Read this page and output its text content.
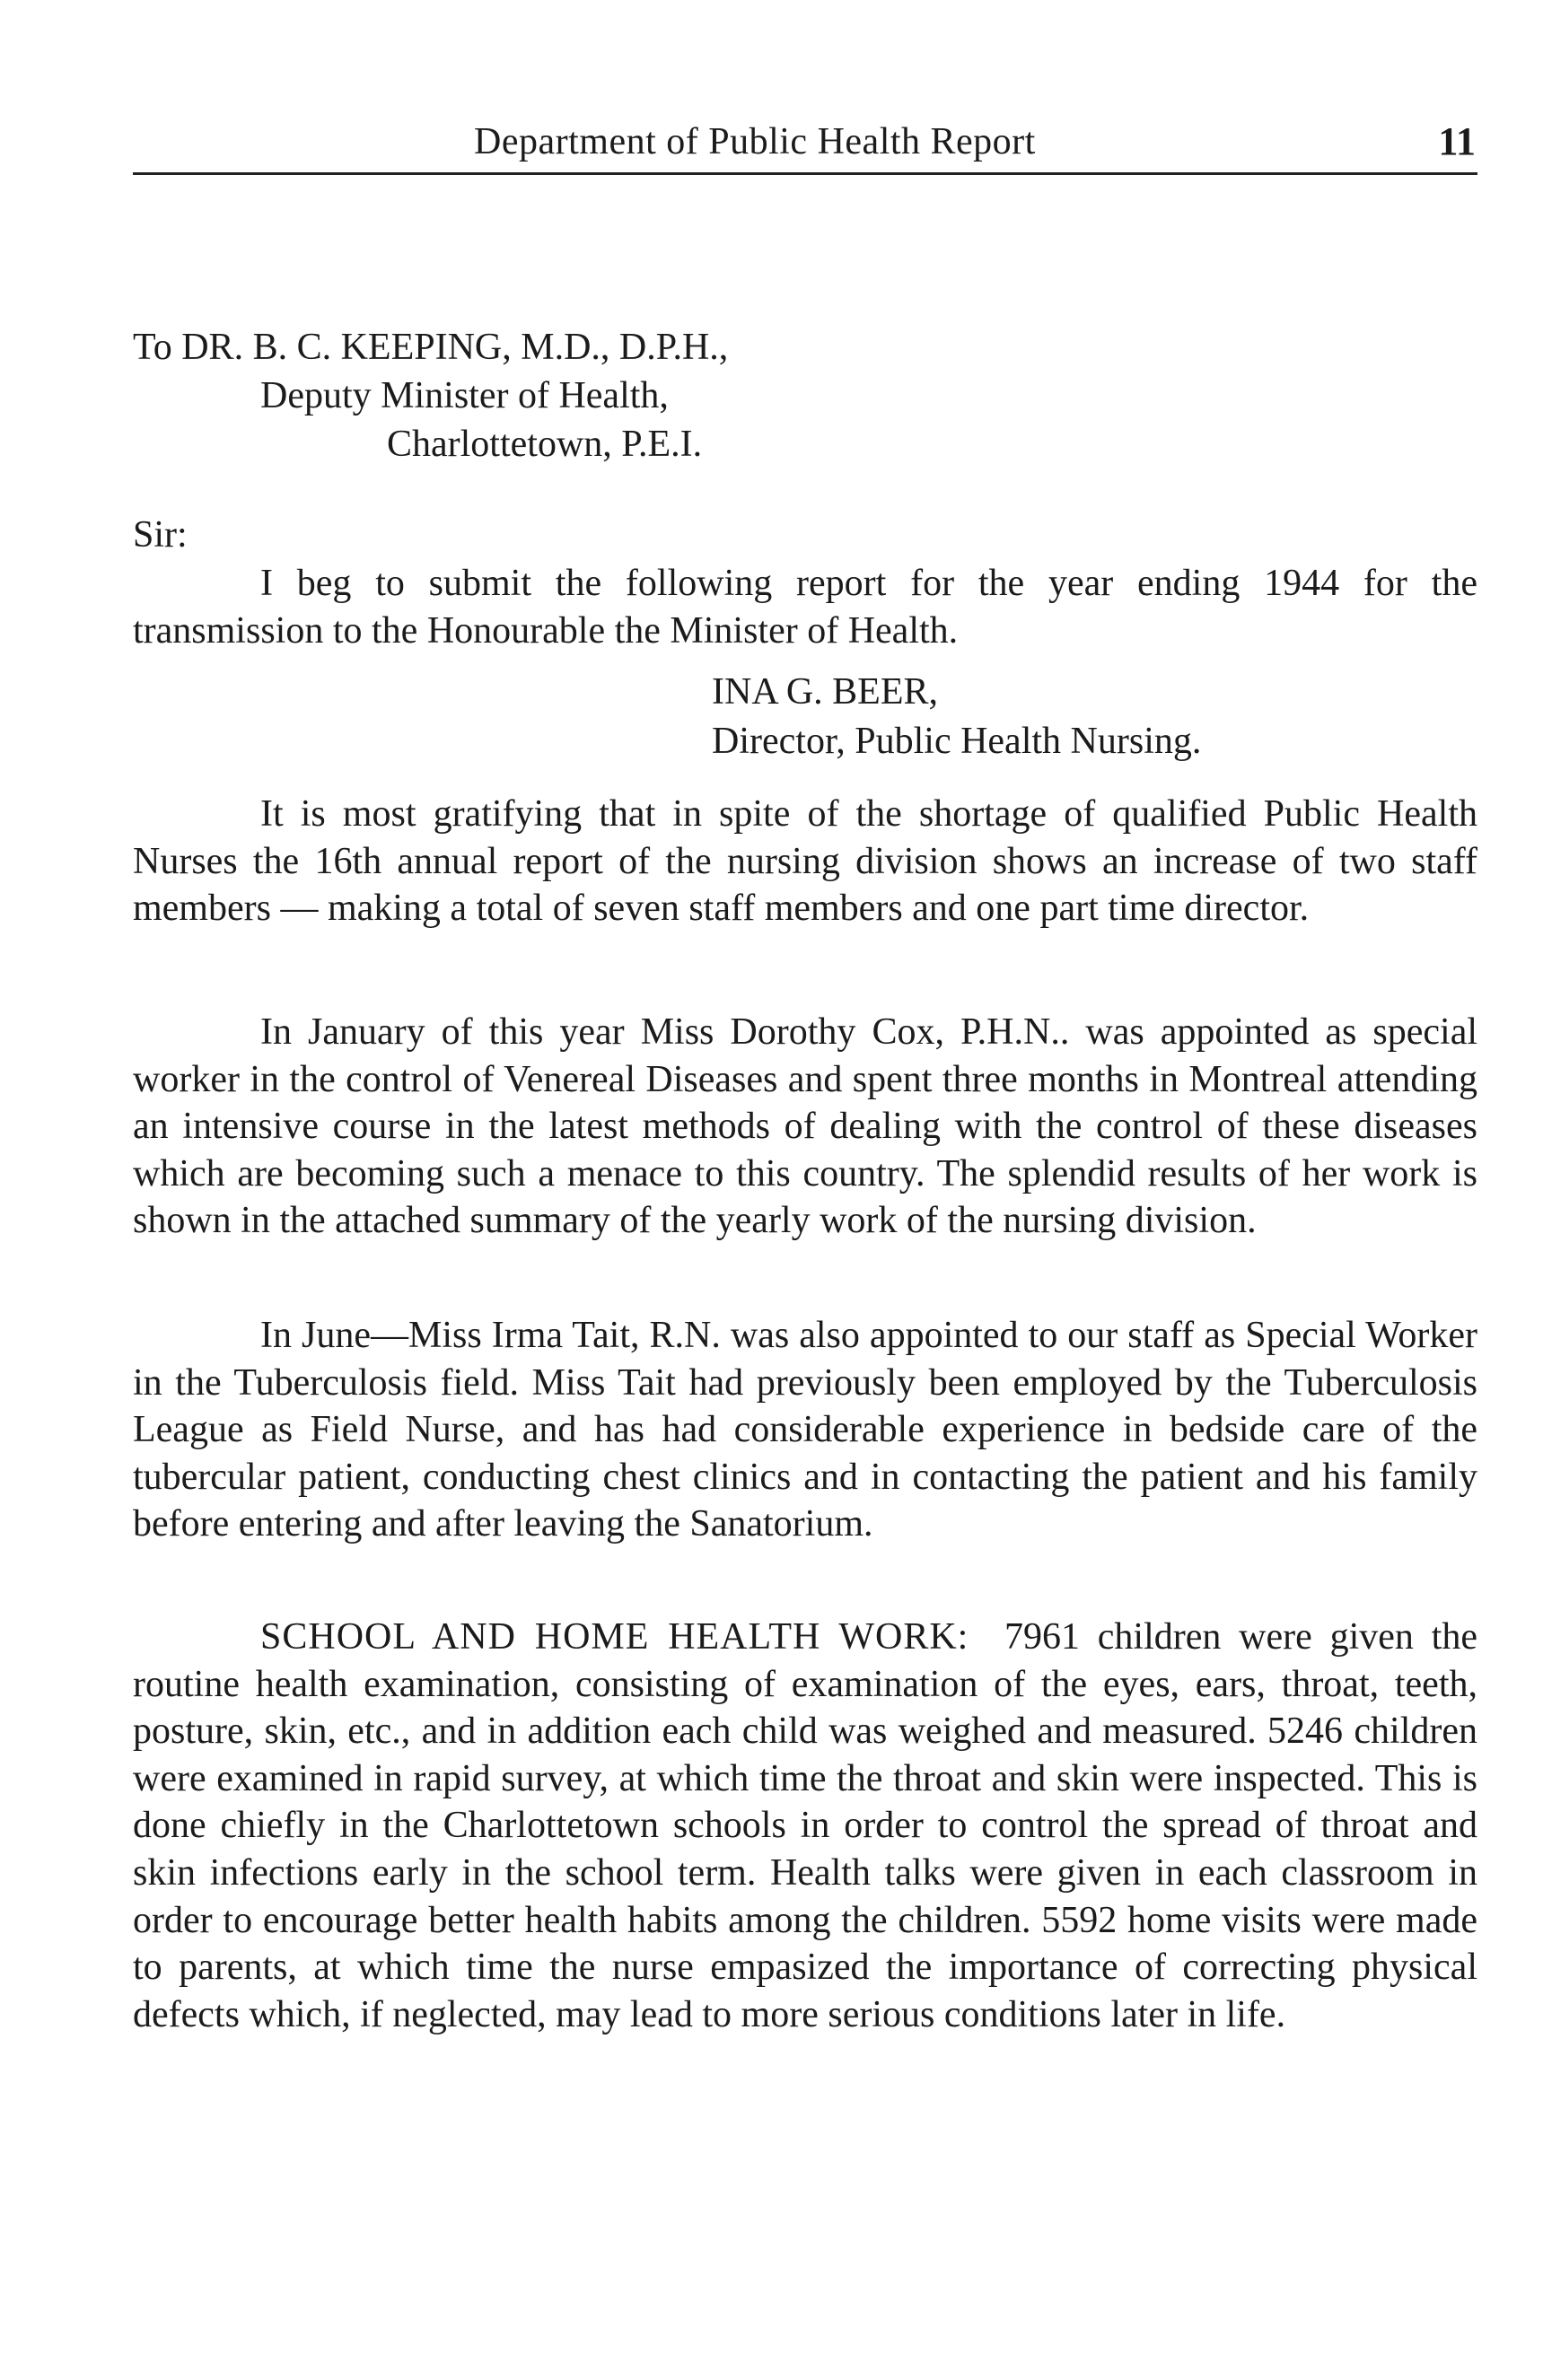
Department of Public Health Report	11
To DR. B. C. KEEPING, M.D., D.P.H.,
Deputy Minister of Health,
Charlottetown, P.E.I.
Sir:

I beg to submit the following report for the year ending 1944 for the transmission to the Honourable the Minister of Health.

INA G. BEER,
Director, Public Health Nursing.

It is most gratifying that in spite of the shortage of qualified Public Health Nurses the 16th annual report of the nursing division shows an increase of two staff members — making a total of seven staff members and one part time director.

In January of this year Miss Dorothy Cox, P.H.N.. was appointed as special worker in the control of Venereal Diseases and spent three months in Montreal attending an intensive course in the latest methods of dealing with the control of these diseases which are becoming such a menace to this country. The splendid results of her work is shown in the attached summary of the yearly work of the nursing division.

In June—Miss Irma Tait, R.N. was also appointed to our staff as Special Worker in the Tuberculosis field. Miss Tait had previously been employed by the Tuberculosis League as Field Nurse, and has had considerable experience in bedside care of the tubercular patient, conducting chest clinics and in contacting the patient and his family before entering and after leaving the Sanatorium.

SCHOOL AND HOME HEALTH WORK: 7961 children were given the routine health examination, consisting of examination of the eyes, ears, throat, teeth, posture, skin, etc., and in addition each child was weighed and measured. 5246 children were examined in rapid survey, at which time the throat and skin were inspected. This is done chiefly in the Charlottetown schools in order to control the spread of throat and skin infections early in the school term. Health talks were given in each classroom in order to encourage better health habits among the children. 5592 home visits were made to parents, at which time the nurse empasized the importance of correcting physical defects which, if neglected, may lead to more serious conditions later in life.
